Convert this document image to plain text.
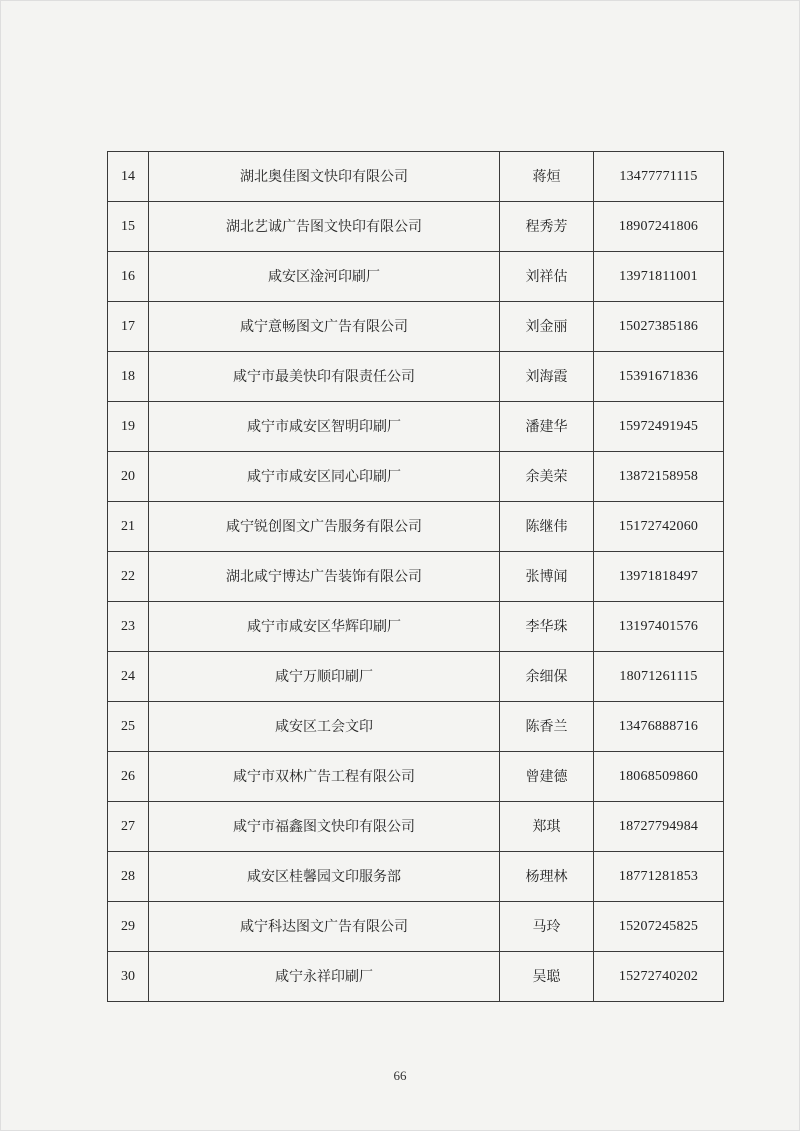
14	湖北奥佳图文快印有限公司	蒋烜	13477771115
15	湖北艺诚广告图文快印有限公司	程秀芳	18907241806
16	咸安区淦河印刷厂	刘祥估	13971811001
17	咸宁意畅图文广告有限公司	刘金丽	15027385186
18	咸宁市最美快印有限责任公司	刘海霞	15391671836
19	咸宁市咸安区智明印刷厂	潘建华	15972491945
20	咸宁市咸安区同心印刷厂	余美荣	13872158958
21	咸宁锐创图文广告服务有限公司	陈继伟	15172742060
22	湖北咸宁博达广告装饰有限公司	张博闻	13971818497
23	咸宁市咸安区华辉印刷厂	李华珠	13197401576
24	咸宁万顺印刷厂	余细保	18071261115
25	咸安区工会文印	陈香兰	13476888716
26	咸宁市双林广告工程有限公司	曾建德	18068509860
27	咸宁市福鑫图文快印有限公司	郑琪	18727794984
28	咸安区桂馨园文印服务部	杨理林	18771281853
29	咸宁科达图文广告有限公司	马玲	15207245825
30	咸宁永祥印刷厂	吴聪	15272740202
66
